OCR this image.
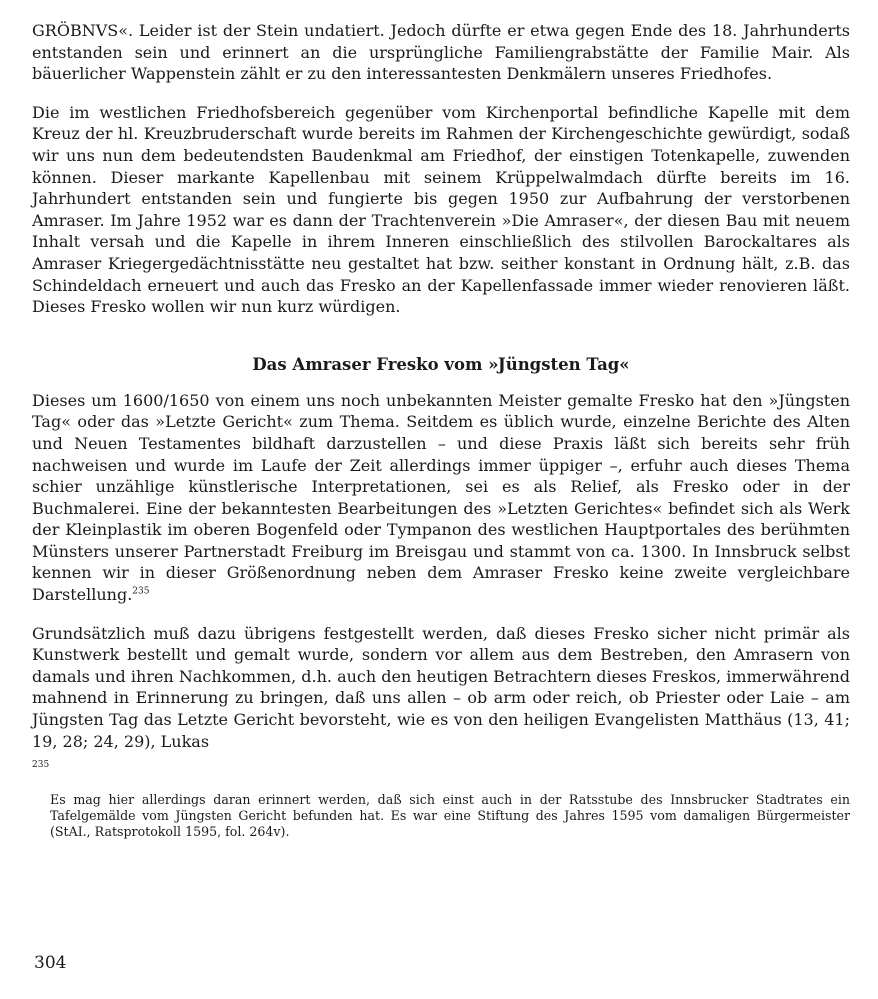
GRÖBNVS«. Leider ist der Stein undatiert. Jedoch dürfte er etwa gegen Ende des 18. Jahrhunderts entstanden sein und erinnert an die ursprüngliche Familiengrabstätte der Familie Mair. Als bäuerlicher Wappenstein zählt er zu den interessantesten Denkmälern unseres Friedhofes.

Die im westlichen Friedhofsbereich gegenüber vom Kirchenportal befindliche Kapelle mit dem Kreuz der hl. Kreuzbruderschaft wurde bereits im Rahmen der Kirchengeschichte gewürdigt, sodaß wir uns nun dem bedeutendsten Baudenkmal am Friedhof, der einstigen Totenkapelle, zuwenden können. Dieser markante Kapellenbau mit seinem Krüppelwalmdach dürfte bereits im 16. Jahrhundert entstanden sein und fungierte bis gegen 1950 zur Aufbahrung der verstorbenen Amraser. Im Jahre 1952 war es dann der Trachtenverein »Die Amraser«, der diesen Bau mit neuem Inhalt versah und die Kapelle in ihrem Inneren einschließlich des stilvollen Barockaltares als Amraser Kriegergedächtnisstätte neu gestaltet hat bzw. seither konstant in Ordnung hält, z.B. das Schindeldach erneuert und auch das Fresko an der Kapellenfassade immer wieder renovieren läßt. Dieses Fresko wollen wir nun kurz würdigen.

Das Amraser Fresko vom »Jüngsten Tag«

Dieses um 1600/1650 von einem uns noch unbekannten Meister gemalte Fresko hat den »Jüngsten Tag« oder das »Letzte Gericht« zum Thema. Seitdem es üblich wurde, einzelne Berichte des Alten und Neuen Testamentes bildhaft darzustellen – und diese Praxis läßt sich bereits sehr früh nachweisen und wurde im Laufe der Zeit allerdings immer üppiger –, erfuhr auch dieses Thema schier unzählige künstlerische Interpretationen, sei es als Relief, als Fresko oder in der Buchmalerei. Eine der bekanntesten Bearbeitungen des »Letzten Gerichtes« befindet sich als Werk der Kleinplastik im oberen Bogenfeld oder Tympanon des westlichen Hauptportales des berühmten Münsters unserer Partnerstadt Freiburg im Breisgau und stammt von ca. 1300. In Innsbruck selbst kennen wir in dieser Größenordnung neben dem Amraser Fresko keine zweite vergleichbare Darstellung.$^{235}$

Grundsätzlich muß dazu übrigens festgestellt werden, daß dieses Fresko sicher nicht primär als Kunstwerk bestellt und gemalt wurde, sondern vor allem aus dem Bestreben, den Amrasern von damals und ihren Nachkommen, d.h. auch den heutigen Betrachtern dieses Freskos, immerwährend mahnend in Erinnerung zu bringen, daß uns allen – ob arm oder reich, ob Priester oder Laie – am Jüngsten Tag das Letzte Gericht bevorsteht, wie es von den heiligen Evangelisten Matthäus (13, 41; 19, 28; 24, 29), Lukas

235

Es mag hier allerdings daran erinnert werden, daß sich einst auch in der Ratsstube des Innsbrucker Stadtrates ein Tafelgemälde vom Jüngsten Gericht befunden hat. Es war eine Stiftung des Jahres 1595 vom damaligen Bürgermeister (StAI., Ratsprotokoll 1595, fol. 264v).

304
